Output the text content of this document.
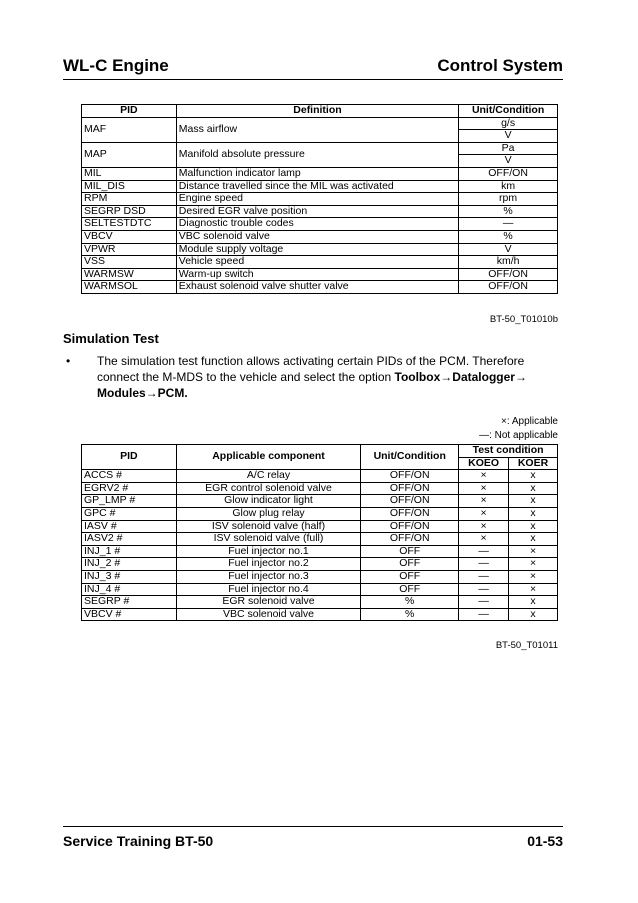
WL-C Engine	Control System
PID	Definition	Unit/Condition
MAF	Mass airflow	g/s
		V
MAP	Manifold absolute pressure	Pa
		V
MIL	Malfunction indicator lamp	OFF/ON
MIL_DIS	Distance travelled since the MIL was activated	km
RPM	Engine speed	rpm
SEGRP DSD	Desired EGR valve position	%
SELTESTDTC	Diagnostic trouble codes	—
VBCV	VBC solenoid valve	%
VPWR	Module supply voltage	V
VSS	Vehicle speed	km/h
WARMSW	Warm-up switch	OFF/ON
WARMSOL	Exhaust solenoid valve shutter valve	OFF/ON
BT-50_T01010b
Simulation Test
• The simulation test function allows activating certain PIDs of the PCM. Therefore connect the M-MDS to the vehicle and select the option Toolbox→Datalogger→ Modules→PCM.
×: Applicable
—: Not applicable
PID	Applicable component	Unit/Condition	Test condition	
			KOEO	KOER
ACCS #	A/C relay	OFF/ON	×	x
EGRV2 #	EGR control solenoid valve	OFF/ON	×	x
GP_LMP #	Glow indicator light	OFF/ON	×	x
GPC #	Glow plug relay	OFF/ON	×	x
IASV #	ISV solenoid valve (half)	OFF/ON	×	x
IASV2 #	ISV solenoid valve (full)	OFF/ON	×	x
INJ_1 #	Fuel injector no.1	OFF	—	×
INJ_2 #	Fuel injector no.2	OFF	—	×
INJ_3 #	Fuel injector no.3	OFF	—	×
INJ_4 #	Fuel injector no.4	OFF	—	×
SEGRP #	EGR solenoid valve	%	—	x
VBCV #	VBC solenoid valve	%	—	x
BT-50_T01011
Service Training BT-50	01-53
